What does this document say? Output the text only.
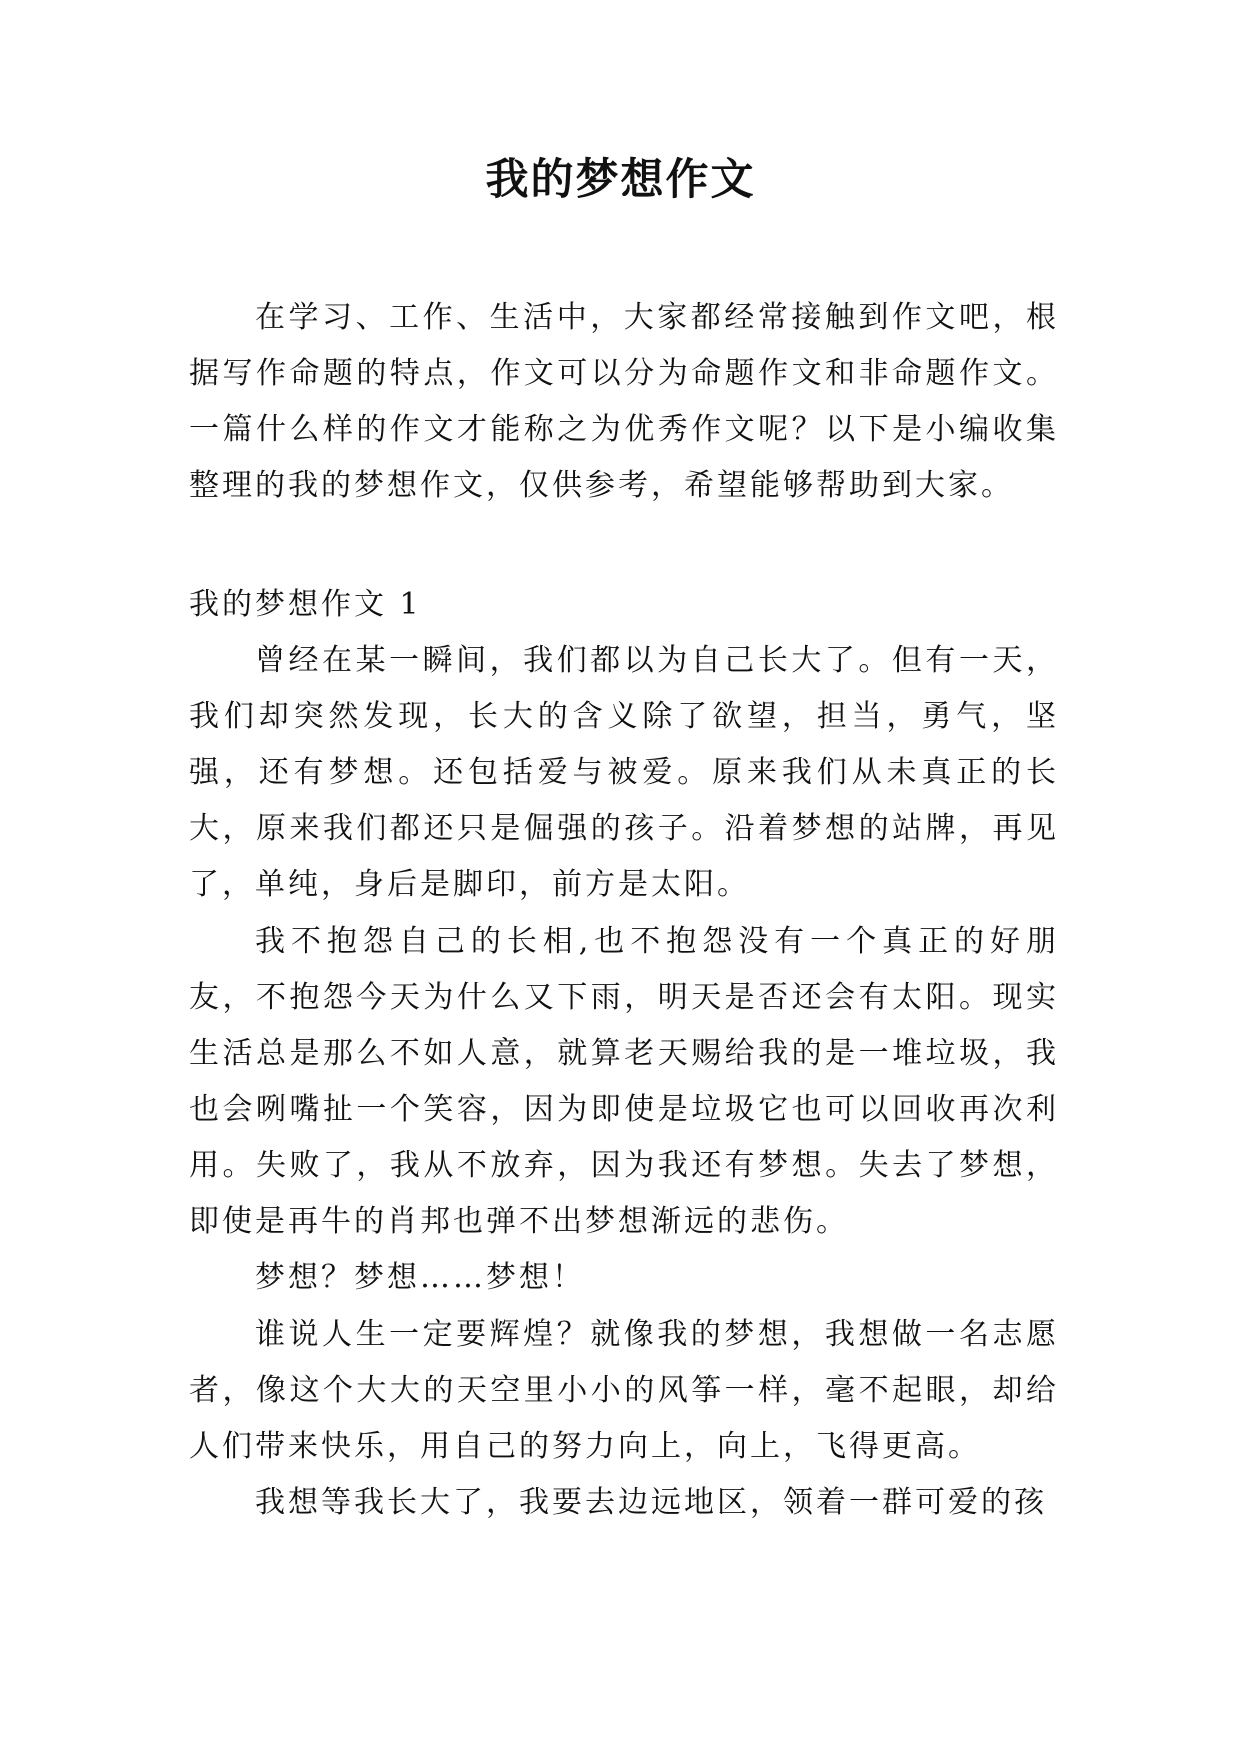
我的梦想作文

在学习、工作、生活中，大家都经常接触到作文吧，根据写作命题的特点，作文可以分为命题作文和非命题作文。一篇什么样的作文才能称之为优秀作文呢？以下是小编收集整理的我的梦想作文，仅供参考，希望能够帮助到大家。

我的梦想作文 1

曾经在某一瞬间，我们都以为自己长大了。但有一天，我们却突然发现，长大的含义除了欲望，担当，勇气，坚强，还有梦想。还包括爱与被爱。原来我们从未真正的长大，原来我们都还只是倔强的孩子。沿着梦想的站牌，再见了，单纯，身后是脚印，前方是太阳。

我不抱怨自己的长相,也不抱怨没有一个真正的好朋友，不抱怨今天为什么又下雨，明天是否还会有太阳。现实生活总是那么不如人意，就算老天赐给我的是一堆垃圾，我也会咧嘴扯一个笑容，因为即使是垃圾它也可以回收再次利用。失败了，我从不放弃，因为我还有梦想。失去了梦想，即使是再牛的肖邦也弹不出梦想渐远的悲伤。

梦想？梦想……梦想！

谁说人生一定要辉煌？就像我的梦想，我想做一名志愿者，像这个大大的天空里小小的风筝一样，毫不起眼，却给人们带来快乐，用自己的努力向上，向上，飞得更高。

我想等我长大了，我要去边远地区，领着一群可爱的孩
